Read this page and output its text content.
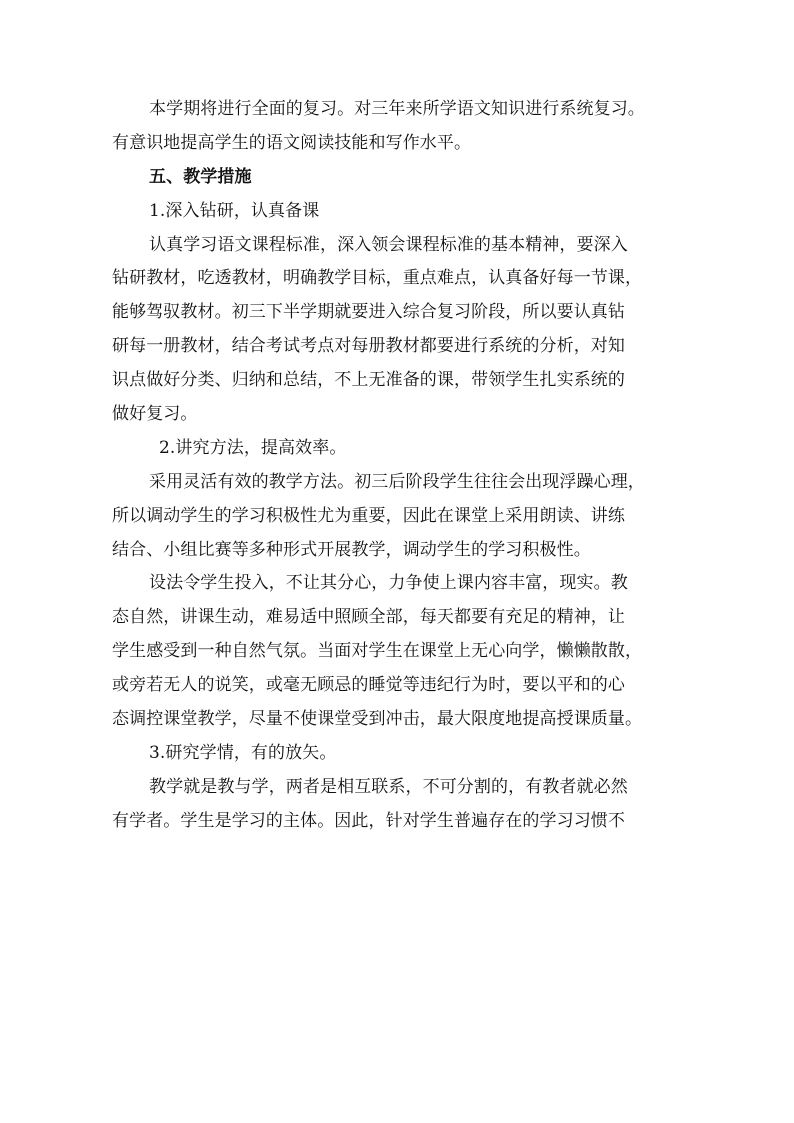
本学期将进行全面的复习。对三年来所学语文知识进行系统复习。
有意识地提高学生的语文阅读技能和写作水平。
五、教学措施
1.深入钻研，认真备课
认真学习语文课程标准，深入领会课程标准的基本精神，要深入
钻研教材，吃透教材，明确教学目标，重点难点，认真备好每一节课，
能够驾驭教材。初三下半学期就要进入综合复习阶段，所以要认真钻
研每一册教材，结合考试考点对每册教材都要进行系统的分析，对知
识点做好分类、归纳和总结，不上无准备的课，带领学生扎实系统的
做好复习。
2.讲究方法，提高效率。
采用灵活有效的教学方法。初三后阶段学生往往会出现浮躁心理，
所以调动学生的学习积极性尤为重要，因此在课堂上采用朗读、讲练
结合、小组比赛等多种形式开展教学，调动学生的学习积极性。
设法令学生投入，不让其分心，力争使上课内容丰富，现实。教
态自然，讲课生动，难易适中照顾全部，每天都要有充足的精神，让
学生感受到一种自然气氛。当面对学生在课堂上无心向学，懒懒散散，
或旁若无人的说笑，或毫无顾忌的睡觉等违纪行为时，要以平和的心
态调控课堂教学，尽量不使课堂受到冲击，最大限度地提高授课质量。
3.研究学情，有的放矢。
教学就是教与学，两者是相互联系，不可分割的，有教者就必然
有学者。学生是学习的主体。因此，针对学生普遍存在的学习习惯不
